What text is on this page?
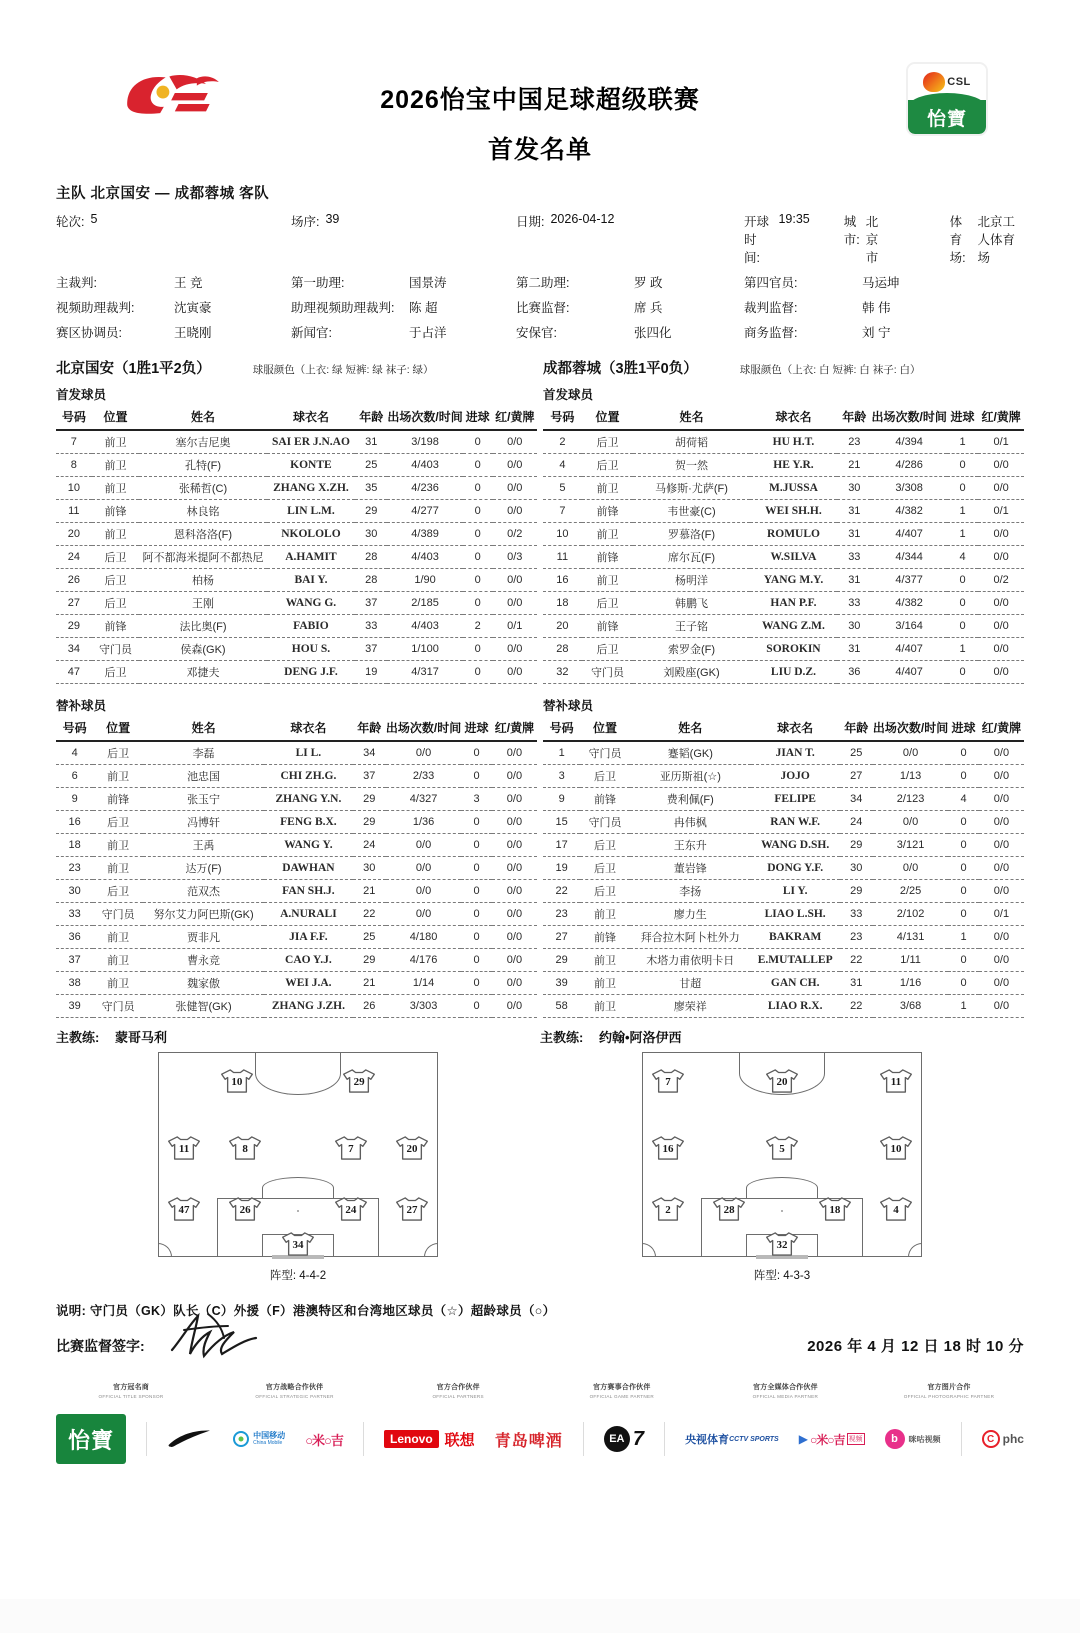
2026怡宝中国足球超级联赛
首发名单
CSL
怡寶
主队 北京国安 — 成都蓉城 客队
轮次: 5	场序: 39	日期: 2026-04-12	开球时间:
19:35	城市:
北京市
体育场:
北京工人体育场
主裁判:	王 竞	第一助理:	国景涛	第二助理:	罗 政	第四官员:	马运坤
视频助理裁判:	沈寅豪	助理视频助理裁判:	陈 超	比赛监督:	席 兵	裁判监督:	韩 伟
赛区协调员:	王晓刚	新闻官:	于占洋	安保官:	张四化	商务监督:	刘 宁
北京国安（1胜1平2负）	球服颜色（上衣: 绿 短裤: 绿 袜子: 绿）
首发球员
号码	位置	姓名	球衣名	年龄	出场次数/时间	进球	红/黄牌
7	前卫	塞尔吉尼奥	SAI ER J.N.AO	31	3/198	0	0/0
8	前卫	孔特(F)	KONTE	25	4/403	0	0/0
10	前卫	张稀哲(C)	ZHANG X.ZH.	35	4/236	0	0/0
11	前锋	林良铭	LIN L.M.	29	4/277	0	0/0
20	前卫	恩科洛洛(F)	NKOLOLO	30	4/389	0	0/2
24	后卫	阿不都海米提阿不都热尼	A.HAMIT	28	4/403	0	0/3
26	后卫	柏杨	BAI Y.	28	1/90	0	0/0
27	后卫	王刚	WANG G.	37	2/185	0	0/0
29	前锋	法比奥(F)	FABIO	33	4/403	2	0/1
34	守门员	侯森(GK)	HOU S.	37	1/100	0	0/0
47	后卫	邓捷夫	DENG J.F.	19	4/317	0	0/0
替补球员
号码	位置	姓名	球衣名	年龄	出场次数/时间	进球	红/黄牌
4	后卫	李磊	LI L.	34	0/0	0	0/0
6	前卫	池忠国	CHI ZH.G.	37	2/33	0	0/0
9	前锋	张玉宁	ZHANG Y.N.	29	4/327	3	0/0
16	后卫	冯博轩	FENG B.X.	29	1/36	0	0/0
18	前卫	王禹	WANG Y.	24	0/0	0	0/0
23	前卫	达万(F)	DAWHAN	30	0/0	0	0/0
30	后卫	范双杰	FAN SH.J.	21	0/0	0	0/0
33	守门员	努尔艾力阿巴斯(GK)	A.NURALI	22	0/0	0	0/0
36	前卫	贾非凡	JIA F.F.	25	4/180	0	0/0
37	前卫	曹永竞	CAO Y.J.	29	4/176	0	0/0
38	前卫	魏家傲	WEI J.A.	21	1/14	0	0/0
39	守门员	张健智(GK)	ZHANG J.ZH.	26	3/303	0	0/0
成都蓉城（3胜1平0负）	球服颜色（上衣: 白 短裤: 白 袜子: 白）
首发球员
号码	位置	姓名	球衣名	年龄	出场次数/时间	进球	红/黄牌
2	后卫	胡荷韬	HU H.T.	23	4/394	1	0/1
4	后卫	贺一然	HE Y.R.	21	4/286	0	0/0
5	前卫	马修斯·尤萨(F)	M.JUSSA	30	3/308	0	0/0
7	前锋	韦世豪(C)	WEI SH.H.	31	4/382	1	0/1
10	前卫	罗慕洛(F)	ROMULO	31	4/407	1	0/0
11	前锋	席尔瓦(F)	W.SILVA	33	4/344	4	0/0
16	前卫	杨明洋	YANG M.Y.	31	4/377	0	0/2
18	后卫	韩鹏飞	HAN P.F.	33	4/382	0	0/0
20	前锋	王子铭	WANG Z.M.	30	3/164	0	0/0
28	后卫	索罗金(F)	SOROKIN	31	4/407	1	0/0
32	守门员	刘殿座(GK)	LIU D.Z.	36	4/407	0	0/0
替补球员
号码	位置	姓名	球衣名	年龄	出场次数/时间	进球	红/黄牌
1	守门员	蹇韬(GK)	JIAN T.	25	0/0	0	0/0
3	后卫	亚历斯祖(☆)	JOJO	27	1/13	0	0/0
9	前锋	费利佩(F)	FELIPE	34	2/123	4	0/0
15	守门员	冉伟枫	RAN W.F.	24	0/0	0	0/0
17	后卫	王东升	WANG D.SH.	29	3/121	0	0/0
19	后卫	董岩锋	DONG Y.F.	30	0/0	0	0/0
22	后卫	李扬	LI Y.	29	2/25	0	0/0
23	前卫	廖力生	LIAO L.SH.	33	2/102	0	0/1
27	前锋	拜合拉木阿卜杜外力	BAKRAM	23	4/131	1	0/0
29	前卫	木塔力甫依明卡日	E.MUTALLEP	22	1/11	0	0/0
39	前卫	甘超	GAN CH.	31	1/16	0	0/0
58	前卫	廖荣祥	LIAO R.X.	22	3/68	1	0/0
主教练: 蒙哥马利	主教练: 约翰•阿洛伊西
10	29
11	8	7	20
47	26	24	27
34
阵型: 4-4-2
7	20	11
16	5	10
2	28	18	4
32
阵型: 4-3-3
说明: 守门员（GK）队长（C）外援（F）港澳特区和台湾地区球员（☆）超龄球员（○）
比赛监督签字:	2026 年 4 月 12 日 18 时 10 分
官方冠名商
OFFICIAL TITLE SPONSOR
官方战略合作伙伴
OFFICIAL STRATEGIC PARTNER
官方合作伙伴
OFFICIAL PARTNERS
官方赛事合作伙伴
OFFICIAL GAME PARTNER
官方全媒体合作伙伴
OFFICIAL MEDIA PARTNER
官方图片合作
OFFICIAL PHOTOGRAPHIC PARTNER
怡寶	中国移动
China Mobile ○米○吉	Lenovo 联想 青岛啤酒	EA 7	央视体育 CCTV SPORTS ▶ ○米○吉 视频	b	咪咕视频	C phc
